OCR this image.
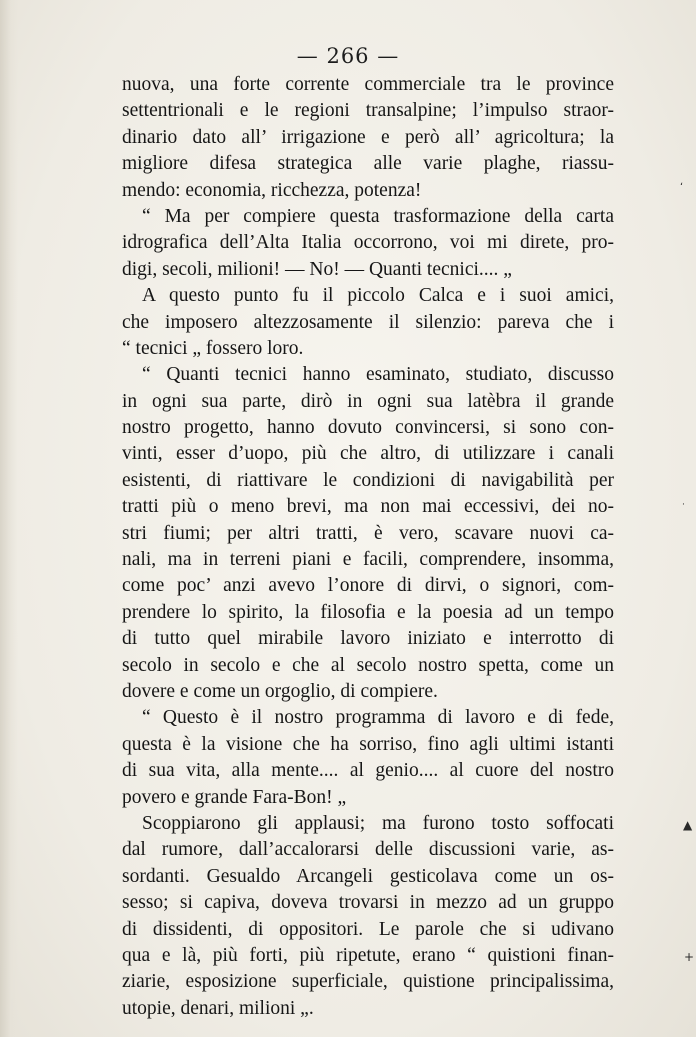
— 266 —
nuova, una forte corrente commerciale tra le province
settentrionali e le regioni transalpine; l’impulso straor-
dinario dato all’ irrigazione e però all’ agricoltura; la
migliore difesa strategica alle varie plaghe, riassu-
mendo: economia, ricchezza, potenza!
“ Ma per compiere questa trasformazione della carta
idrografica dell’Alta Italia occorrono, voi mi direte, pro-
digi, secoli, milioni! — No! — Quanti tecnici.... „
A questo punto fu il piccolo Calca e i suoi amici,
che imposero altezzosamente il silenzio: pareva che i
“ tecnici „ fossero loro.
“ Quanti tecnici hanno esaminato, studiato, discusso
in ogni sua parte, dirò in ogni sua latèbra il grande
nostro progetto, hanno dovuto convincersi, si sono con-
vinti, esser d’uopo, più che altro, di utilizzare i canali
esistenti, di riattivare le condizioni di navigabilità per
tratti più o meno brevi, ma non mai eccessivi, dei no-
stri fiumi; per altri tratti, è vero, scavare nuovi ca-
nali, ma in terreni piani e facili, comprendere, insomma,
come poc’ anzi avevo l’onore di dirvi, o signori, com-
prendere lo spirito, la filosofia e la poesia ad un tempo
di tutto quel mirabile lavoro iniziato e interrotto di
secolo in secolo e che al secolo nostro spetta, come un
dovere e come un orgoglio, di compiere.
“ Questo è il nostro programma di lavoro e di fede,
questa è la visione che ha sorriso, fino agli ultimi istanti
di sua vita, alla mente.... al genio.... al cuore del nostro
povero e grande Fara-Bon! „
Scoppiarono gli applausi; ma furono tosto soffocati
dal rumore, dall’accalorarsi delle discussioni varie, as-
sordanti. Gesualdo Arcangeli gesticolava come un os-
sesso; si capiva, doveva trovarsi in mezzo ad un gruppo
di dissidenti, di oppositori. Le parole che si udivano
qua e là, più forti, più ripetute, erano “ quistioni finan-
ziarie, esposizione superficiale, quistione principalissima,
utopie, denari, milioni „.
ʻ
·
▲
+
